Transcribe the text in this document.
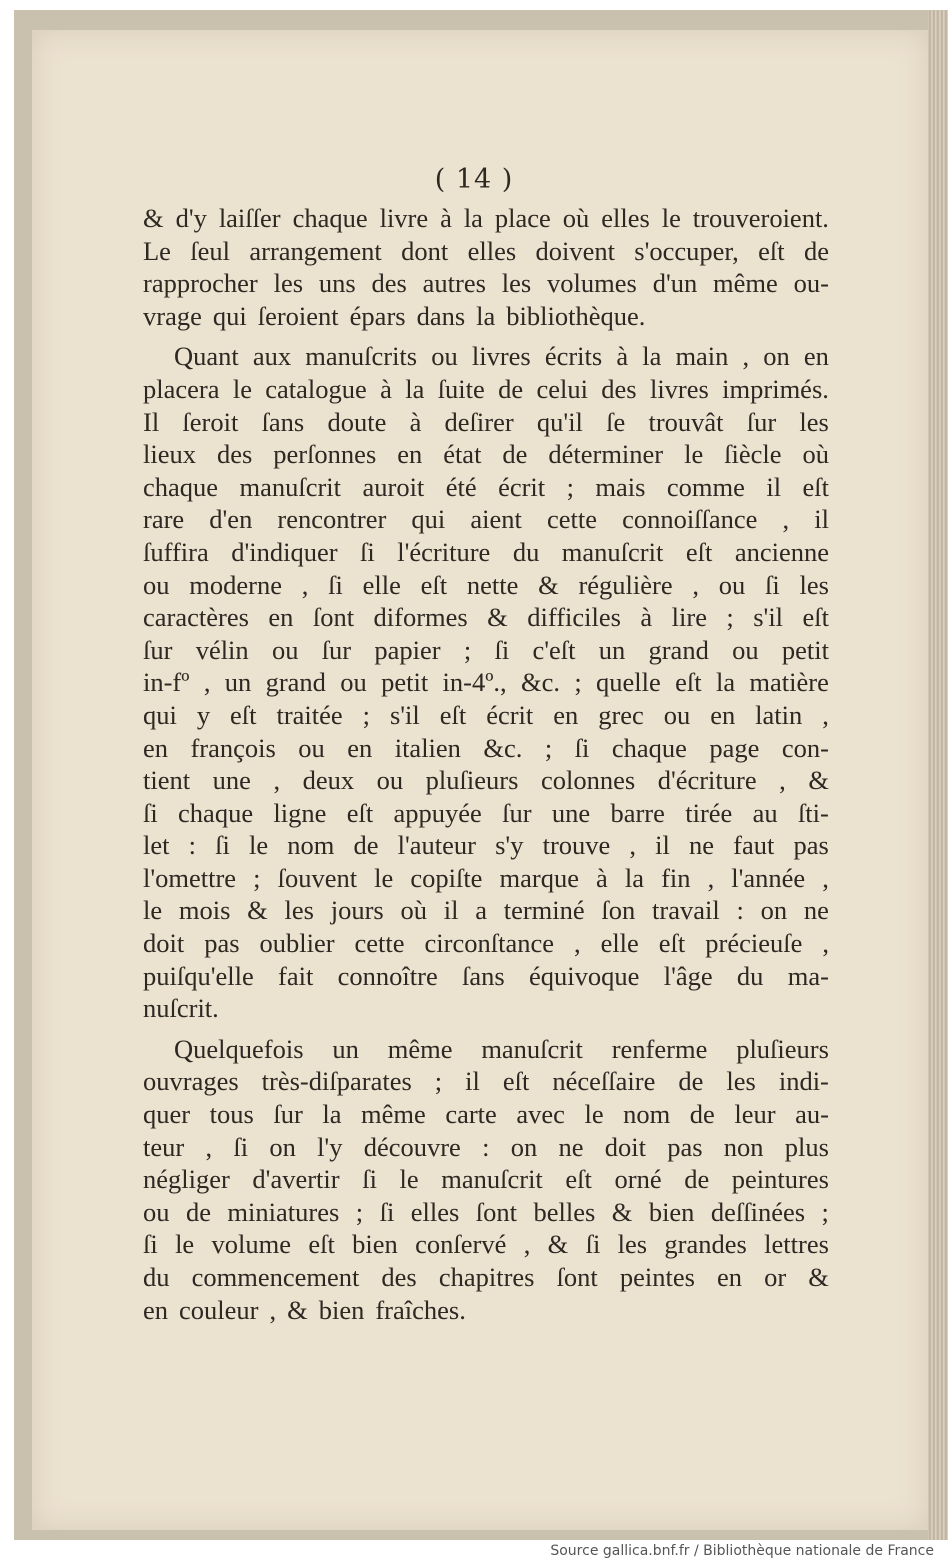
( 14 )
& d'y laiſſer chaque livre à la place où elles le trouveroient.
Le ſeul arrangement dont elles doivent s'occuper, eſt de
rapprocher les uns des autres les volumes d'un même ou-
vrage qui ſeroient épars dans la bibliothèque.
Quant aux manuſcrits ou livres écrits à la main , on en
placera le catalogue à la ſuite de celui des livres imprimés.
Il ſeroit ſans doute à deſirer qu'il ſe trouvât ſur les
lieux des perſonnes en état de déterminer le ſiècle où
chaque manuſcrit auroit été écrit ; mais comme il eſt
rare d'en rencontrer qui aient cette connoiſſance , il
ſuffira d'indiquer ſi l'écriture du manuſcrit eſt ancienne
ou moderne , ſi elle eſt nette & régulière , ou ſi les
caractères en ſont diformes & difficiles à lire ; s'il eſt
ſur vélin ou ſur papier ; ſi c'eſt un grand ou petit
in-fº , un grand ou petit in-4º., &c. ; quelle eſt la matière
qui y eſt traitée ; s'il eſt écrit en grec ou en latin ,
en françois ou en italien &c. ; ſi chaque page con-
tient une , deux ou pluſieurs colonnes d'écriture , &
ſi chaque ligne eſt appuyée ſur une barre tirée au ſti-
let : ſi le nom de l'auteur s'y trouve , il ne faut pas
l'omettre ; ſouvent le copiſte marque à la fin , l'année ,
le mois & les jours où il a terminé ſon travail : on ne
doit pas oublier cette circonſtance , elle eſt précieuſe ,
puiſqu'elle fait connoître ſans équivoque l'âge du ma-
nuſcrit.
Quelquefois un même manuſcrit renferme pluſieurs
ouvrages très-diſparates ; il eſt néceſſaire de les indi-
quer tous ſur la même carte avec le nom de leur au-
teur , ſi on l'y découvre : on ne doit pas non plus
négliger d'avertir ſi le manuſcrit eſt orné de peintures
ou de miniatures ; ſi elles ſont belles & bien deſſinées ;
ſi le volume eſt bien conſervé , & ſi les grandes lettres
du commencement des chapitres ſont peintes en or &
en couleur , & bien fraîches.
Source gallica.bnf.fr / Bibliothèque nationale de France
